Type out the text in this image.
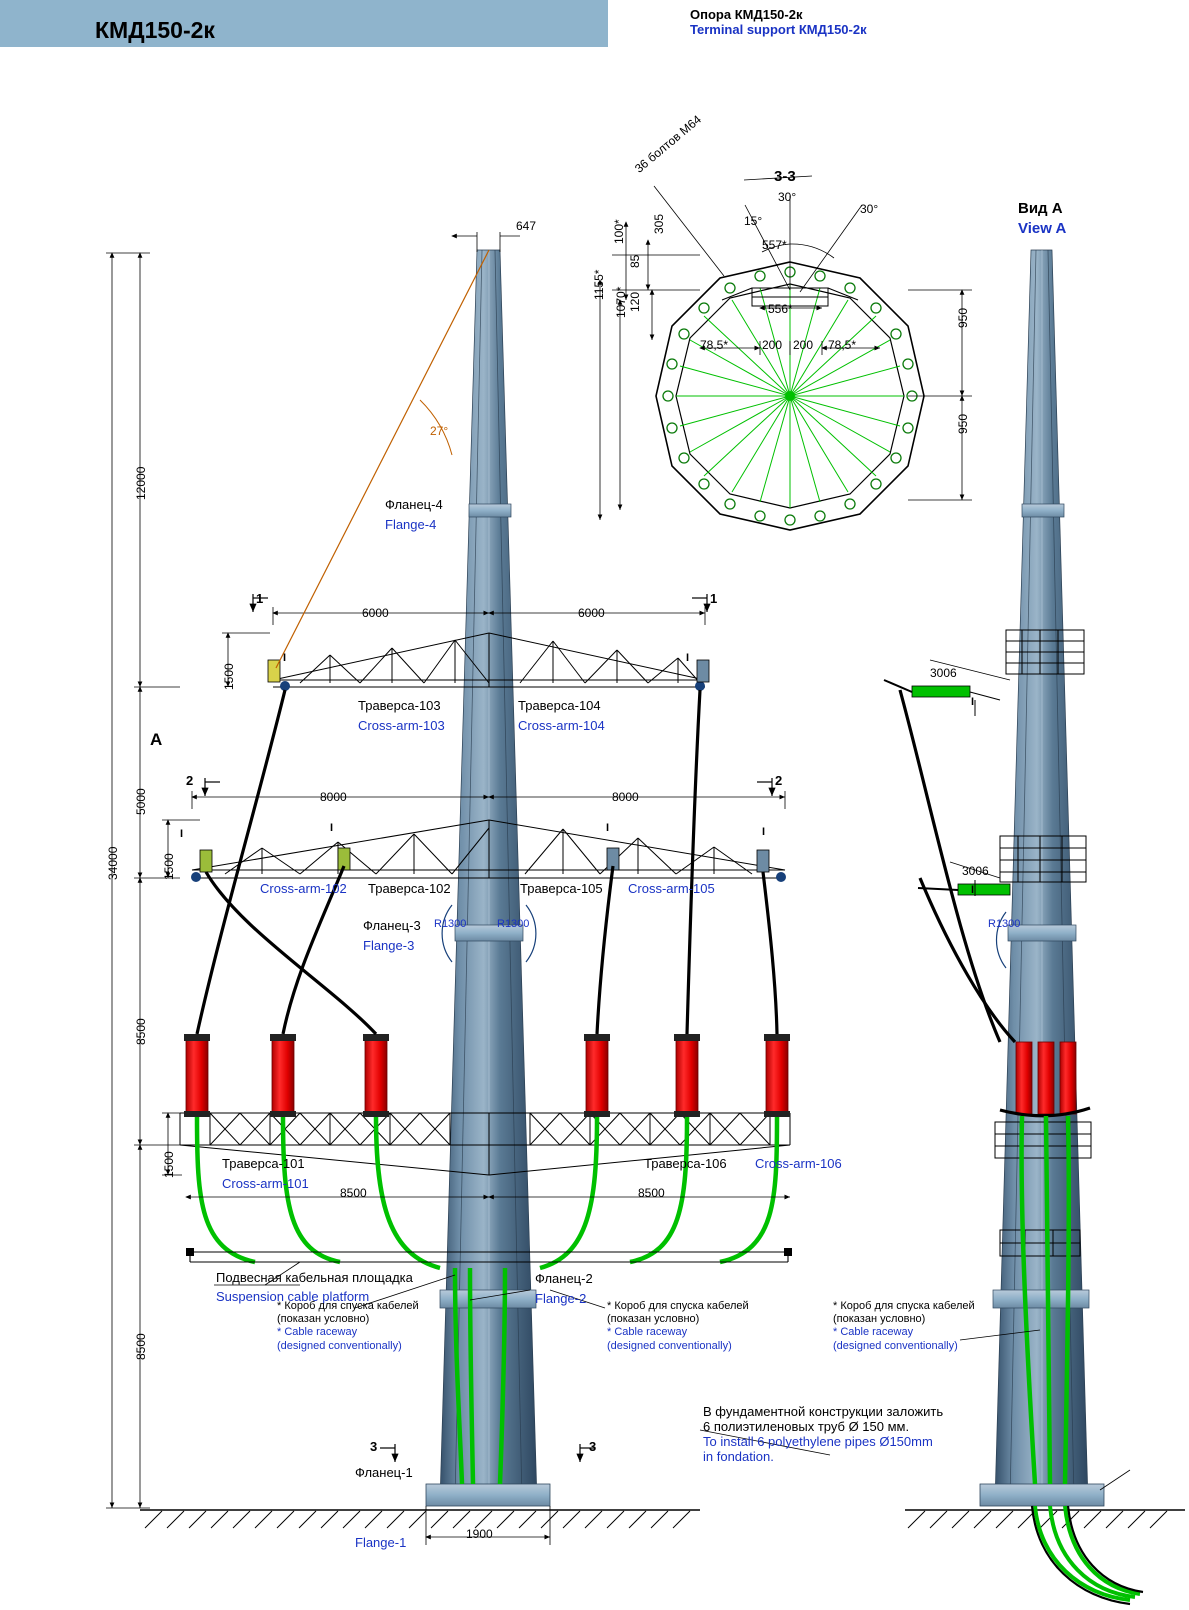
КМД150-2к
Опора КМД150-2к
Terminal support КМД150-2к
647
34000
12000
5000
8500
8500
1900
27°
1500
1500
1500
6000	6000
8000	8000
8500	8500
R1300	R1300
1	1
2	2
3	3
A
I	I
I	I	I	I
Фланец-4
Flange-4
Фланец-3
Flange-3
Фланец-2
Flange-2
Фланец-1
Flange-1
Траверса-103
Cross-arm-103
Траверса-104
Cross-arm-104
Траверса-102
Cross-arm-102	Траверса-105 Cross-arm-105
Траверса-101
Cross-arm-101
Траверса-106 Cross-arm-106
Подвесная кабельная площадка
Suspension cable platform
* Короб для спуска кабелей
(показан условно)
* Cable raceway
(designed conventionally)
* Короб для спуска кабелей
(показан условно)
* Cable raceway
(designed conventionally)
* Короб для спуска кабелей
(показан условно)
* Cable raceway
(designed conventionally)
В фундаментной конструкции заложить
6 полиэтиленовых труб Ø 150 мм.
To install 6 polyethylene pipes Ø150mm
in fondation.
3-3
30°
15°
30°
36 болтов М64
557*
556*
200 200
78,5*	78,5*
100* 305
85
120
1070*
1155*
950
950
Вид A
View A
3006
3006
I
I
R1300
